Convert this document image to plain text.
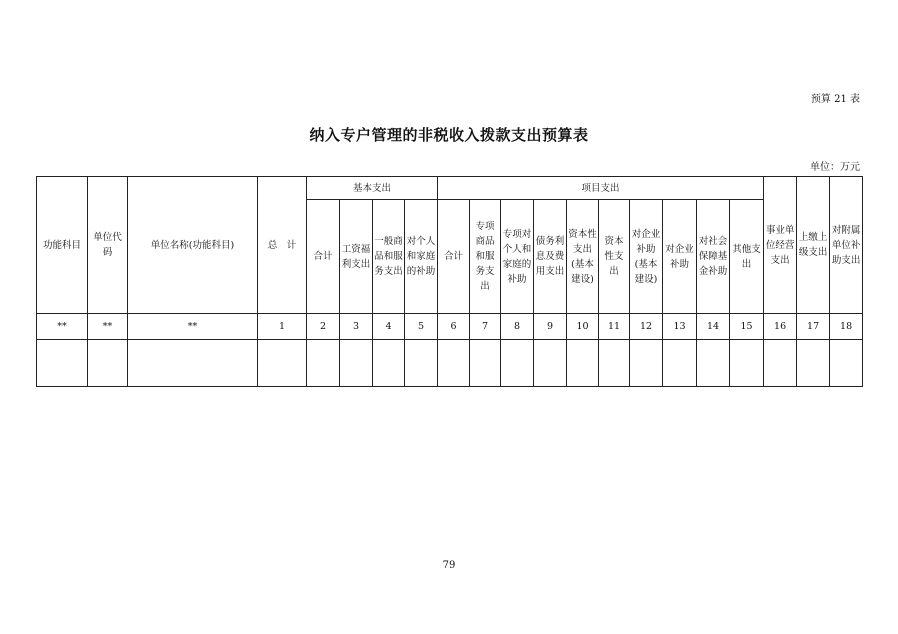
预算 21 表
纳入专户管理的非税收入拨款支出预算表
单位：万元
功能科目	单位代码	单位名称(功能科目)	总　计	基本支出				项目支出										事业单位经营支出	上缴上级支出	对附属单位补助支出
				合计	工资福利支出	一般商品和服务支出	对个人和家庭的补助	合计	专项商品和服务支出	专项对个人和家庭的补助	债务利息及费用支出	资本性支出(基本建设)	资本性支出	对企业补助(基本建设)	对企业补助	对社会保障基金补助	其他支出			
**	**	**	1	2	3	4	5	6	7	8	9	10	11	12	13	14	15	16	17	18

79
